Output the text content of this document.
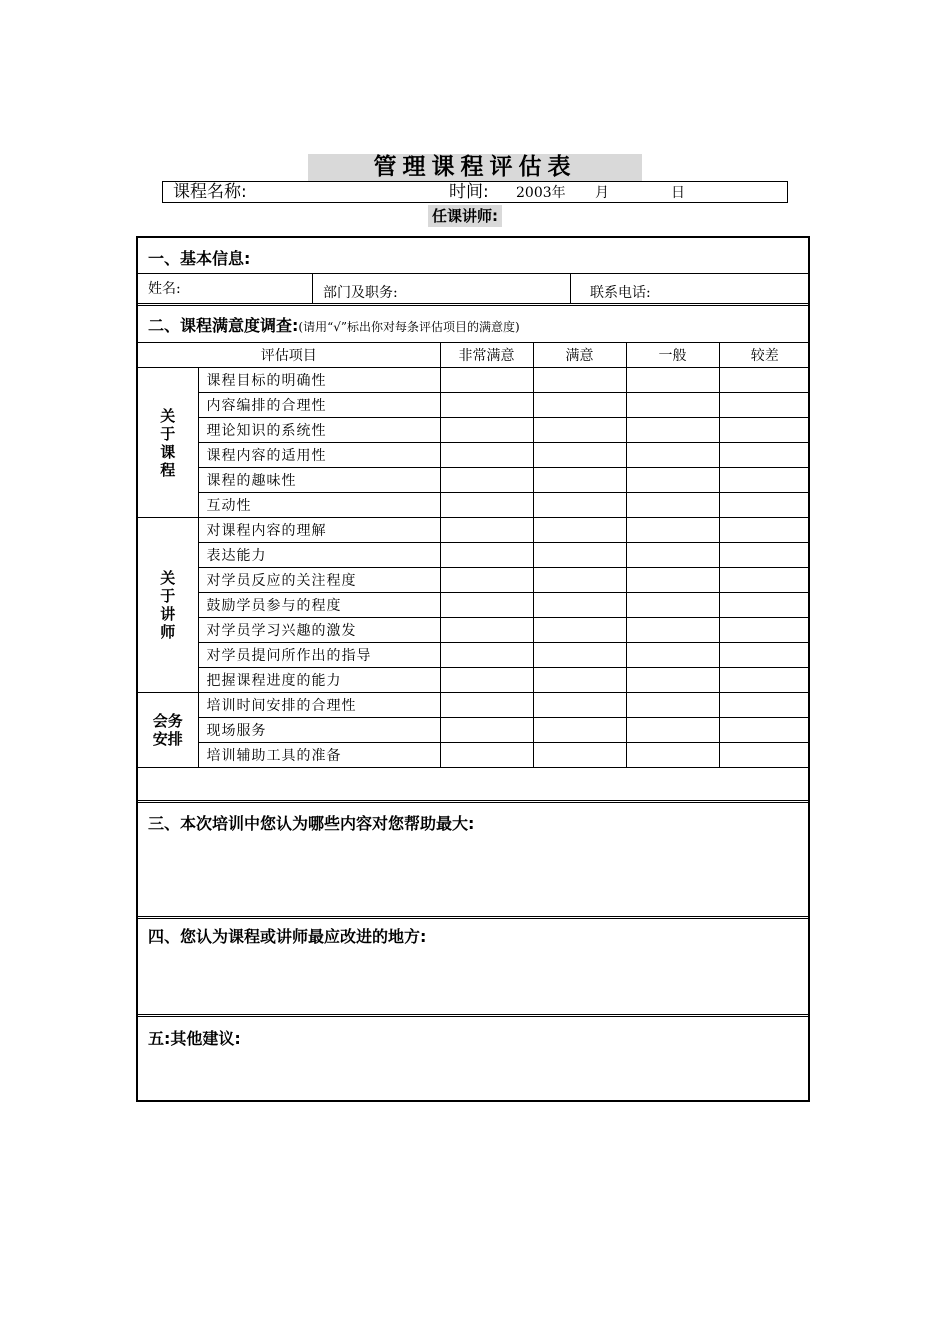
管理课程评估表
课程名称:	时间: 2003年 月	日
任课讲师:
一、基本信息:
姓名:	部门及职务:	联系电话:
二、课程满意度调查:(请用“√”标出你对每条评估项目的满意度)
评估项目		非常满意	满意	一般	较差
关
于
课
程	课程目标的明确性				
	内容编排的合理性				
	理论知识的系统性				
	课程内容的适用性				
	课程的趣味性				
	互动性				
关
于
讲
师	对课程内容的理解				
	表达能力				
	对学员反应的关注程度				
	鼓励学员参与的程度				
	对学员学习兴趣的激发				
	对学员提问所作出的指导				
	把握课程进度的能力				
会务
安排	培训时间安排的合理性				
	现场服务				
	培训辅助工具的准备				
三、本次培训中您认为哪些内容对您帮助最大:
四、您认为课程或讲师最应改进的地方:
五:其他建议:
